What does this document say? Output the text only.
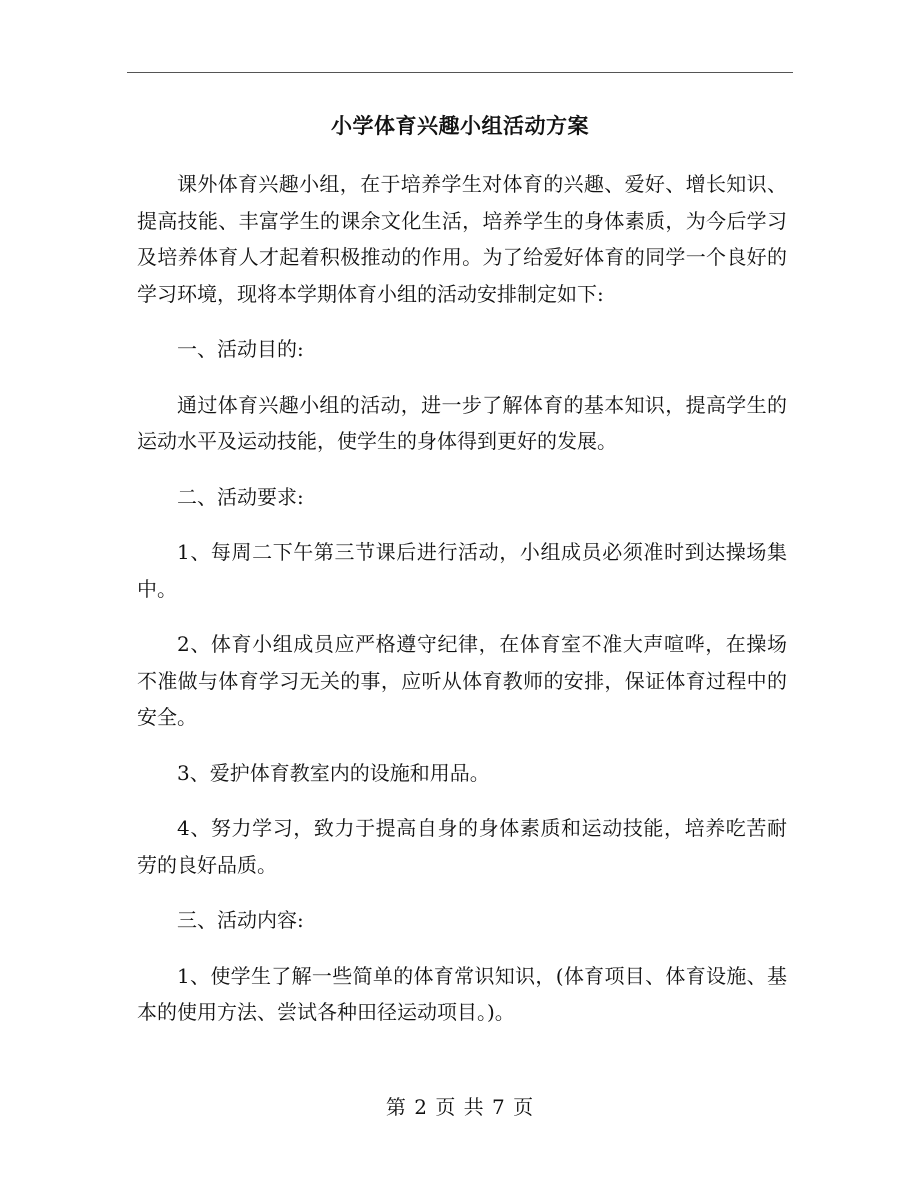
小学体育兴趣小组活动方案

课外体育兴趣小组，在于培养学生对体育的兴趣、爱好、增长知识、提高技能、丰富学生的课余文化生活，培养学生的身体素质，为今后学习及培养体育人才起着积极推动的作用。为了给爱好体育的同学一个良好的学习环境，现将本学期体育小组的活动安排制定如下:

一、活动目的:

通过体育兴趣小组的活动，进一步了解体育的基本知识，提高学生的运动水平及运动技能，使学生的身体得到更好的发展。

二、活动要求:

1、每周二下午第三节课后进行活动，小组成员必须准时到达操场集中。

2、体育小组成员应严格遵守纪律，在体育室不准大声喧哗，在操场不准做与体育学习无关的事，应听从体育教师的安排，保证体育过程中的安全。

3、爱护体育教室内的设施和用品。

4、努力学习，致力于提高自身的身体素质和运动技能，培养吃苦耐劳的良好品质。

三、活动内容:

1、使学生了解一些简单的体育常识知识，(体育项目、体育设施、基本的使用方法、尝试各种田径运动项目。)。

第 2 页 共 7 页
